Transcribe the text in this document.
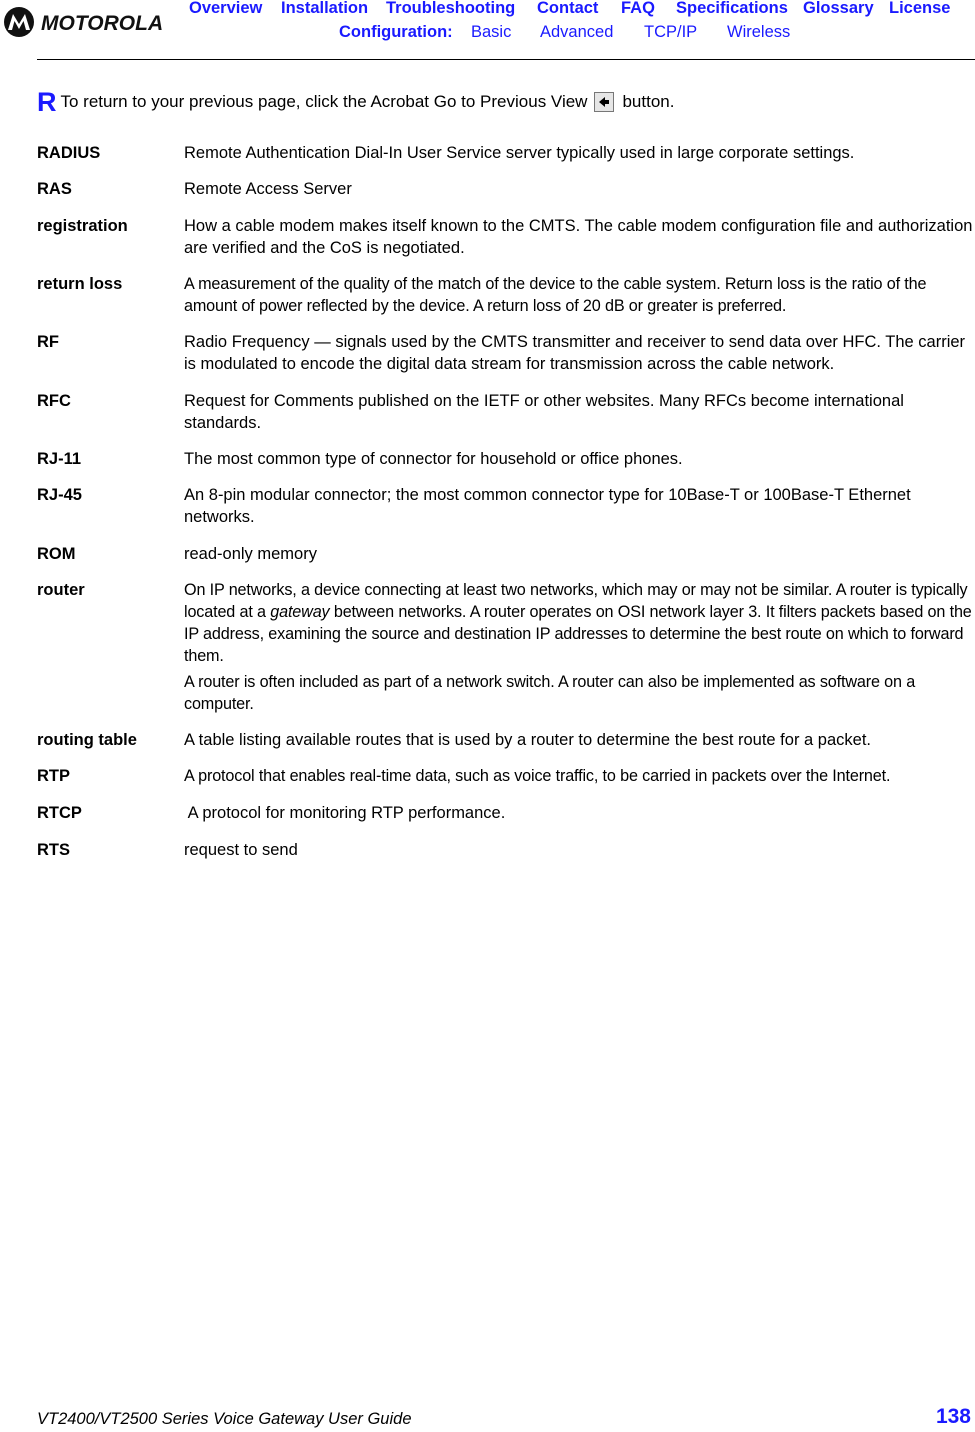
MOTOROLA
Overview Installation Troubleshooting Contact FAQ Specifications Glossary License
Configuration: Basic Advanced TCP/IP Wireless
R To return to your previous page, click the Acrobat Go to Previous View button.
RADIUS	Remote Authentication Dial-In User Service server typically used in large corporate settings.

RAS	Remote Access Server

registration	How a cable modem makes itself known to the CMTS. The cable modem configuration file and authorization are verified and the CoS is negotiated.

return loss	A measurement of the quality of the match of the device to the cable system. Return loss is the ratio of the amount of power reflected by the device. A return loss of 20 dB or greater is preferred.

RF	Radio Frequency — signals used by the CMTS transmitter and receiver to send data over HFC. The carrier is modulated to encode the digital data stream for transmission across the cable network.

RFC	Request for Comments published on the IETF or other websites. Many RFCs become international standards.

RJ-11	The most common type of connector for household or office phones.

RJ-45	An 8-pin modular connector; the most common connector type for 10Base-T or 100Base-T Ethernet networks.

ROM	read-only memory

router	On IP networks, a device connecting at least two networks, which may or may not be similar. A router is typically located at a gateway between networks. A router operates on OSI network layer 3. It filters packets based on the IP address, examining the source and destination IP addresses to determine the best route on which to forward them.

A router is often included as part of a network switch. A router can also be implemented as software on a computer.

routing table	A table listing available routes that is used by a router to determine the best route for a packet.

RTP	A protocol that enables real-time data, such as voice traffic, to be carried in packets over the Internet.

RTCP	A protocol for monitoring RTP performance.

RTS	request to send

VT2400/VT2500 Series Voice Gateway User Guide	138
